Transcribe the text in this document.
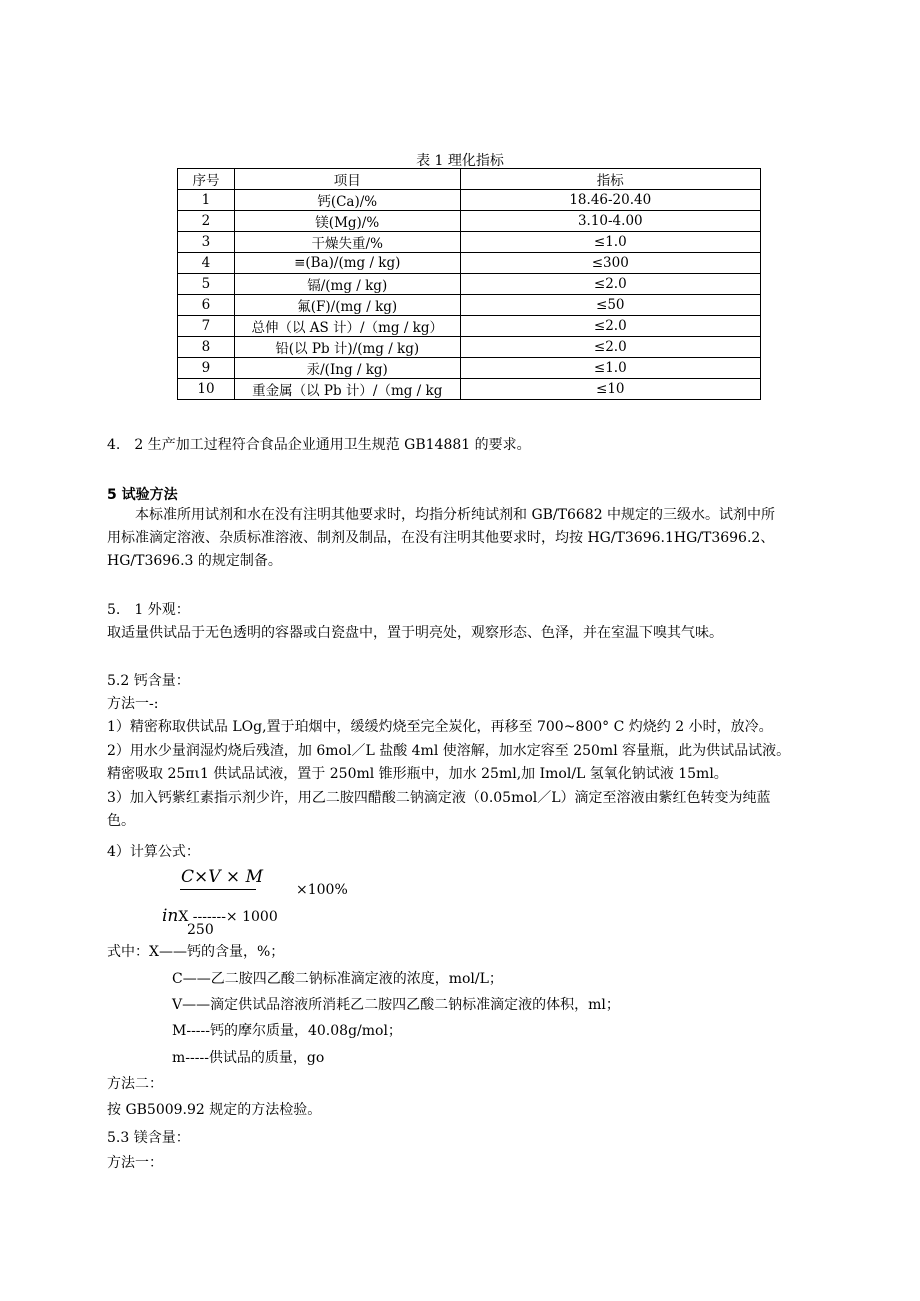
表 1 理化指标
序号	项目	指标
1	钙(Ca)/%	18.46-20.40
2	镁(Mg)/%	3.10-4.00
3	干燥失重/%	≤1.0
4	≡(Ba)/(mg / kg)	≤300
5	镉/(mg / kg)	≤2.0
6	氟(F)/(mg / kg)	≤50
7	总伸（以 AS 计）/（mg / kg）	≤2.0
8	铅(以 Pb 计)/(mg / kg)	≤2.0
9	汞/(Ing / kg)	≤1.0
10	重金属（以 Pb 计）/（mg / kg	≤10
4.　2 生产加工过程符合食品企业通用卫生规范 GB14881 的要求。
5 试验方法
本标准所用试剂和水在没有注明其他要求时，均指分析纯试剂和 GB/T6682 中规定的三级水。试剂中所
用标准滴定溶液、杂质标准溶液、制剂及制品，在没有注明其他要求时，均按 HG/T3696.1HG/T3696.2、
HG/T3696.3 的规定制备。
5.　1 外观：
取适量供试品于无色透明的容器或白瓷盘中，置于明亮处，观察形态、色泽，并在室温下嗅其气味。
5.2 钙含量：
方法一-:
1）精密称取供试品 LOg,置于珀烟中，缓缓灼烧至完全炭化，再移至 700~800° C 灼烧约 2 小时，放冷。
2）用水少量润湿灼烧后残渣，加 6mol／L 盐酸 4ml 使溶解，加水定容至 250ml 容量瓶，此为供试品试液。
精密吸取 25πι1 供试品试液，置于 250ml 锥形瓶中，加水 25ml,加 Imol/L 氢氧化钠试液 15ml。
3）加入钙紫红素指示剂少许，用乙二胺四醋酸二钠滴定液（0.05mol／L）滴定至溶液由紫红色转变为纯蓝
色。
4）计算公式：
C×V × M
×100%
inX -------× 1000
250
式中：X——钙的含量，%；
C——乙二胺四乙酸二钠标准滴定液的浓度，mol/L；
V——滴定供试品溶液所消耗乙二胺四乙酸二钠标准滴定液的体积，ml；
M-----钙的摩尔质量，40.08g/mol；
m-----供试品的质量，go
方法二：
按 GB5009.92 规定的方法检验。
5.3 镁含量：
方法一：
